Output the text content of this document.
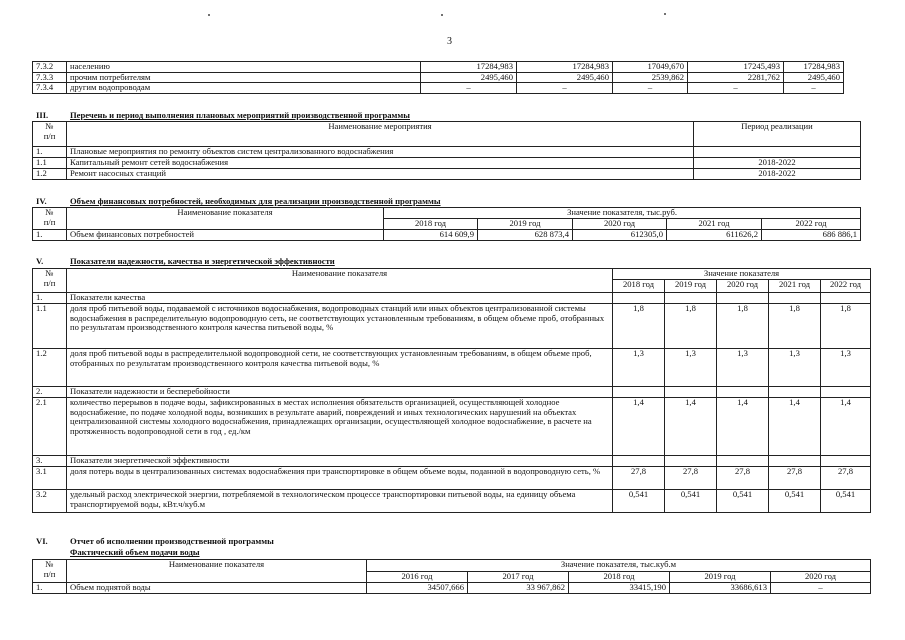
3
7.3.2	населению	17284,983	17284,983	17049,670	17245,493	17284,983	
7.3.3	прочим потребителям	2495,460	2495,460	2539,862	2281,762	2495,460	
7.3.4	другим водопроводам	–	–	–	–	–	
III.	Перечень и период выполнения плановых мероприятий производственной программы
№
п/п	Наименование мероприятия	Период реализации
1.	Плановые мероприятия по ремонту объектов систем централизованного водоснабжения	
1.1	Капитальный ремонт сетей водоснабжения	2018-2022
1.2	Ремонт насосных станций	2018-2022
IV.	Объем финансовых потребностей, необходимых для реализации производственной программы
№
п/п	Наименование показателя	Значение показателя, тыс.руб.				
		2018 год	2019 год	2020 год	2021 год	2022 год
1.	Объем финансовых потребностей	614 609,9	628 873,4	612305,0	611626,2	686 886,1
V.	Показатели надежности, качества и энергетической эффективности
№
п/п	Наименование показателя	Значение показателя				
		2018 год	2019 год	2020 год	2021 год	2022 год
1.	Показатели качества					
1.1	доля проб питьевой воды, подаваемой с источников водоснабжения, водопроводных станций или иных объектов централизованной системы водоснабжения в распределительную водопроводную сеть, не соответствующих установленным требованиям, в общем объеме проб, отобранных по результатам производственного контроля качества питьевой воды, %	1,8	1,8	1,8	1,8	1,8
1.2	доля проб питьевой воды в распределительной водопроводной сети, не соответствующих установленным требованиям, в общем объеме проб, отобранных по результатам производственного контроля качества питьевой воды, %	1,3	1,3	1,3	1,3	1,3
2.	Показатели надежности и бесперебойности					
2.1	количество перерывов в подаче воды, зафиксированных в местах исполнения обязательств организацией, осуществляющей холодное водоснабжение, по подаче холодной воды, возникших в результате аварий, повреждений и иных технологических нарушений на объектах централизованной системы холодного водоснабжения, принадлежащих организации, осуществляющей холодное водоснабжение, в расчете на протяженность водопроводной сети в год , ед./км	1,4	1,4	1,4	1,4	1,4
3.	Показатели энергетической эффективности					
3.1	доля потерь воды в централизованных системах водоснабжения при транспортировке в общем объеме воды, поданной в водопроводную сеть, %	27,8	27,8	27,8	27,8	27,8
3.2	удельный расход электрической энергии, потребляемой в технологическом процессе транспортировки питьевой воды, на единицу объема транспортируемой воды, кВт.ч/куб.м	0,541	0,541	0,541	0,541	0,541
VI.	Отчет об исполнении производственной программы
Фактический объем подачи воды
№
п/п	Наименование показателя	Значение показателя, тыс.куб.м				
		2016 год	2017 год	2018 год	2019 год	2020 год
1.	Объем поднятой воды	34507,666	33 967,862	33415,190	33686,613	–
